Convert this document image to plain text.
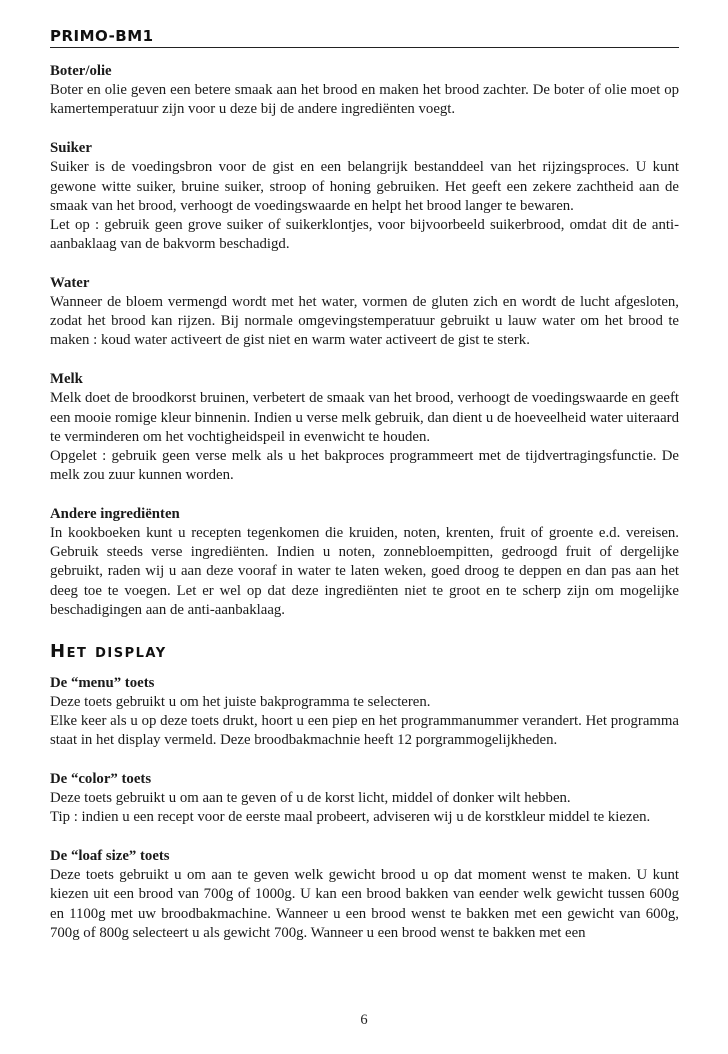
PRIMO-BM1
Boter/olie

Boter en olie geven een betere smaak aan het brood en maken het brood zachter. De boter of olie moet op kamertemperatuur zijn voor u deze bij de andere ingrediënten voegt.

Suiker

Suiker is de voedingsbron voor de gist en een belangrijk bestanddeel van het rijzingsproces. U kunt gewone witte suiker, bruine suiker, stroop of honing gebruiken. Het geeft een zekere zachtheid aan de smaak van het brood, verhoogt de voedingswaarde en helpt het brood langer te bewaren.

Let op : gebruik geen grove suiker of suikerklontjes, voor bijvoorbeeld suikerbrood, omdat dit de anti-aanbaklaag van de bakvorm beschadigd.

Water

Wanneer de bloem vermengd wordt met het water, vormen de gluten zich en wordt de lucht afgesloten, zodat het brood kan rijzen. Bij normale omgevingstemperatuur gebruikt u lauw water om het brood te maken : koud water activeert de gist niet en warm water activeert de gist te sterk.

Melk

Melk doet de broodkorst bruinen, verbetert de smaak van het brood, verhoogt de voedingswaarde en geeft een mooie romige kleur binnenin. Indien u verse melk gebruik, dan dient u de hoeveelheid water uiteraard te verminderen om het vochtigheidspeil in evenwicht te houden.

Opgelet : gebruik geen verse melk als u het bakproces programmeert met de tijdvertragingsfunctie. De melk zou zuur kunnen worden.

Andere ingrediënten

In kookboeken kunt u recepten tegenkomen die kruiden, noten, krenten, fruit of groente e.d. vereisen. Gebruik steeds verse ingrediënten. Indien u noten, zonnebloempitten, gedroogd fruit of dergelijke gebruikt, raden wij u aan deze vooraf in water te laten weken, goed droog te deppen en dan pas aan het deeg toe te voegen. Let er wel op dat deze ingrediënten niet te groot en te scherp zijn om mogelijke beschadigingen aan de anti-aanbaklaag.

Het display
De “menu” toets

Deze toets gebruikt u om het juiste bakprogramma te selecteren.

Elke keer als u op deze toets drukt, hoort u een piep en het programmanummer verandert. Het programma staat in het display vermeld. Deze broodbakmachnie heeft 12 porgrammogelijkheden.

De “color” toets

Deze toets gebruikt u om aan te geven of u de korst licht, middel of donker wilt hebben.

Tip : indien u een recept voor de eerste maal probeert, adviseren wij u de korstkleur middel te kiezen.

De “loaf size” toets

Deze toets gebruikt u om aan te geven welk gewicht brood u op dat moment wenst te maken. U kunt kiezen uit een brood van 700g of 1000g. U kan een brood bakken van eender welk gewicht tussen 600g en 1100g met uw broodbakmachine. Wanneer u een brood wenst te bakken met een gewicht van 600g, 700g of 800g selecteert u als gewicht 700g. Wanneer u een brood wenst te bakken met een

6
